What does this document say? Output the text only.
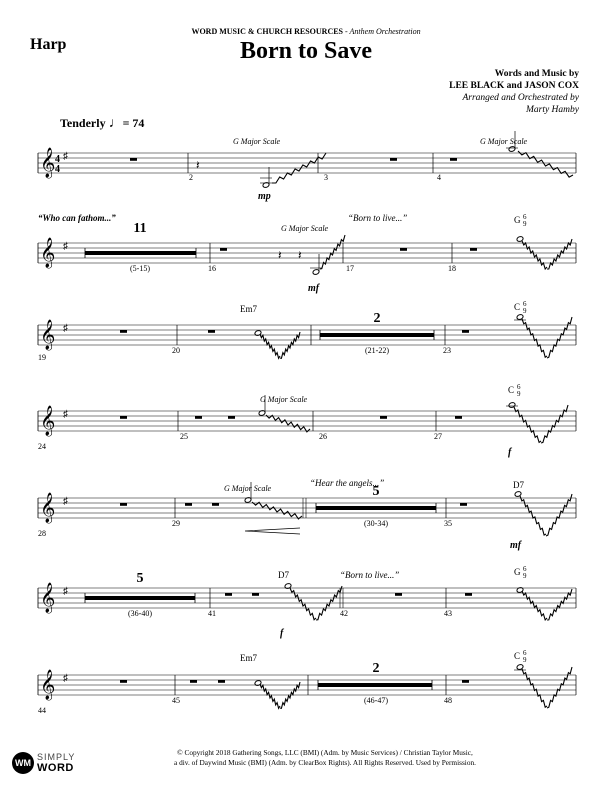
WORD MUSIC & CHURCH RESOURCES - Anthem Orchestration
Harp	Born to Save
Words and Music by
LEE BLACK and JASON COX
Arranged and Orchestrated by
Marty Hamby
Tenderly ♩= 74
𝄞 ♯
4
4	𝄽
G Major Scale	G Major Scale
2	3	4
mp
𝄞 ♯
11
(5-15)
“Who can fathom...”
𝄽 𝄽
G Major Scale
“Born to live...”
16	17	18
mf
G 6
9
𝄞 ♯
2
(21-22)
Em7
19
20	23
C 6
9
𝄞 ♯
G Major Scale
C 6
9
24
25	26	27
f
𝄞 ♯
G Major Scale
“Hear the angels...”
5
(30-34)
D7
28
29	35
mf
𝄞 ♯
5
(36-40)
D7	“Born to live...”	G 6
9
41	42	43
f
𝄞 ♯
Em7
2
(46-47)
C 6
9
44
45	48
© Copyright 2018 Gathering Songs, LLC (BMI) (Adm. by Music Services) / Christian Taylor Music,
a div. of Daywind Music (BMI) (Adm. by ClearBox Rights). All Rights Reserved. Used by Permission.
WM
SIMPLY
WORD
